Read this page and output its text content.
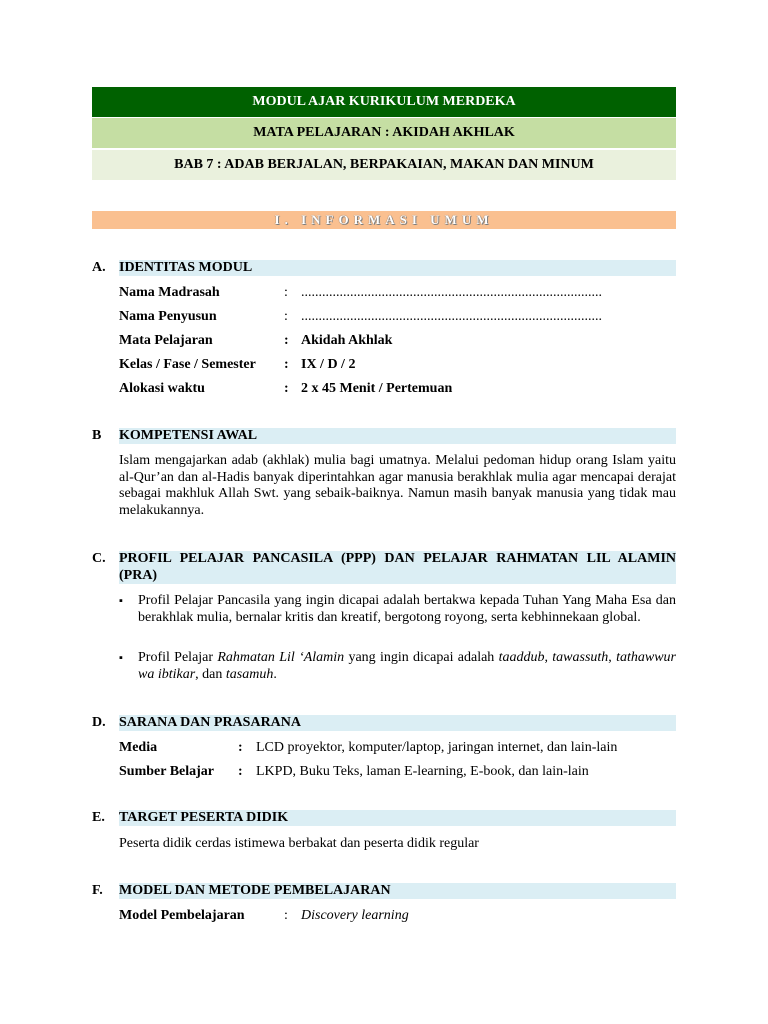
MODUL AJAR KURIKULUM MERDEKA
MATA PELAJARAN : AKIDAH AKHLAK
BAB 7 : ADAB BERJALAN, BERPAKAIAN, MAKAN DAN MINUM
I. INFORMASI UMUM
A. IDENTITAS MODUL
Nama Madrasah	: ......................................................................................
Nama Penyusun	: ......................................................................................
Mata Pelajaran	: Akidah Akhlak
Kelas / Fase / Semester : IX / D / 2
Alokasi waktu	: 2 x 45 Menit / Pertemuan
B KOMPETENSI AWAL
Islam mengajarkan adab (akhlak) mulia bagi umatnya. Melalui pedoman hidup orang Islam yaitu al-Qur’an dan al-Hadis banyak diperintahkan agar manusia berakhlak mulia agar mencapai derajat sebagai makhluk Allah Swt. yang sebaik-baiknya. Namun masih banyak manusia yang tidak mau melakukannya.
C. PROFIL PELAJAR PANCASILA (PPP) DAN PELAJAR RAHMATAN LIL ALAMIN (PRA)
▪ Profil Pelajar Pancasila yang ingin dicapai adalah bertakwa kepada Tuhan Yang Maha Esa dan berakhlak mulia, bernalar kritis dan kreatif, bergotong royong, serta kebhinnekaan global.
▪ Profil Pelajar Rahmatan Lil ‘Alamin yang ingin dicapai adalah taaddub, tawassuth, tathawwur wa ibtikar, dan tasamuh.
D. SARANA DAN PRASARANA
Media	: LCD proyektor, komputer/laptop, jaringan internet, dan lain-lain
Sumber Belajar : LKPD, Buku Teks, laman E-learning, E-book, dan lain-lain
E. TARGET PESERTA DIDIK
Peserta didik cerdas istimewa berbakat dan peserta didik regular
F. MODEL DAN METODE PEMBELAJARAN
Model Pembelajaran	: Discovery learning
